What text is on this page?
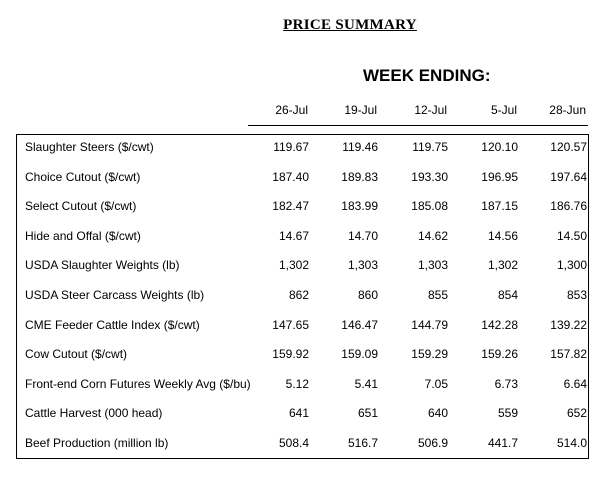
PRICE SUMMARY
WEEK ENDING:
26-Jul	19-Jul	12-Jul	5-Jul	28-Jun
Slaughter Steers ($/cwt)	119.67	119.46	119.75	120.10	120.57
Choice Cutout ($/cwt)	187.40	189.83	193.30	196.95	197.64
Select Cutout ($/cwt)	182.47	183.99	185.08	187.15	186.76
Hide and Offal ($/cwt)	14.67	14.70	14.62	14.56	14.50
USDA Slaughter Weights (lb)	1,302	1,303	1,303	1,302	1,300
USDA Steer Carcass Weights (lb)	862	860	855	854	853
CME Feeder Cattle Index ($/cwt)	147.65	146.47	144.79	142.28	139.22
Cow Cutout ($/cwt)	159.92	159.09	159.29	159.26	157.82
Front-end Corn Futures Weekly Avg ($/bu)	5.12	5.41	7.05	6.73	6.64
Cattle Harvest (000 head)	641	651	640	559	652
Beef Production (million lb)	508.4	516.7	506.9	441.7	514.0
